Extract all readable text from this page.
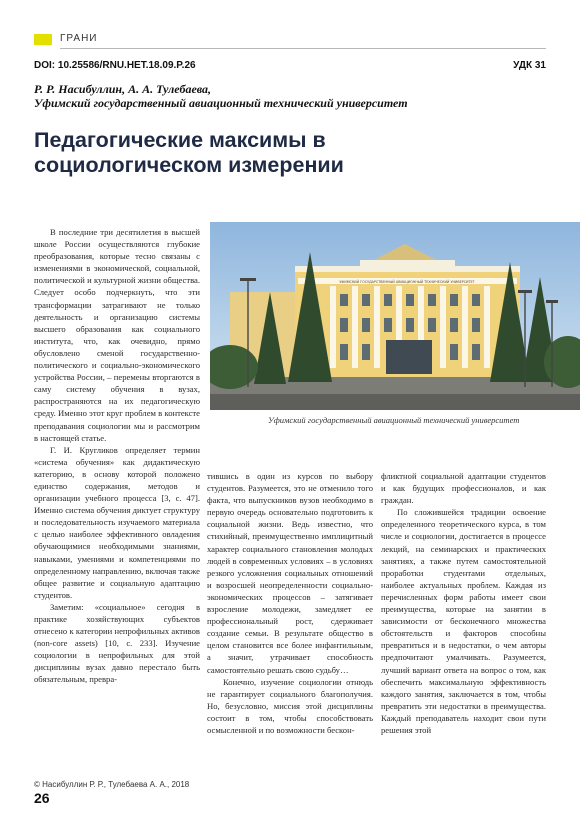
ГРАНИ
DOI: 10.25586/RNU.HET.18.09.P.26	УДК 31
Р. Р. Насибуллин, А. А. Тулебаева,
Уфимский государственный авиационный технический университет
Педагогические максимы в социологическом измерении

В последние три десятилетия в высшей школе России осуществляются глубокие преобразования, которые тесно связаны с изменениями в экономической, социальной, политической и культурной жизни общества. Следует особо подчеркнуть, что эти трансформации затрагивают не только деятельность и организацию системы высшего образования как социального института, что, как очевидно, прямо обусловлено сменой государственно-политического и социально-экономического устройства России, – перемены вторгаются в саму систему обучения в вузах, распространяются на их педагогическую среду. Именно этот круг проблем в контексте преподавания социологии мы и рассмотрим в настоящей статье.

Г. И. Кругликов определяет термин «система обучения» как дидактическую категорию, в основу которой положено единство содержания, методов и организации учебного процесса [3, с. 47]. Именно система обучения диктует структуру и последовательность изучаемого материала с целью наиболее эффективного овладения обучающимися необходимыми знаниями, навыками, умениями и компетенциями по определенному направлению, включая также общее развитие и социальную адаптацию студентов.

Заметим: «социальное» сегодня в практике хозяйствующих субъектов отнесено к категории непрофильных активов (non-core assets) [10, с. 233]. Изучение социологии в непрофильных для этой дисциплины вузах давно перестало быть обязательным, превра-

УФИМСКИЙ ГОСУДАРСТВЕННЫЙ АВИАЦИОННЫЙ ТЕХНИЧЕСКИЙ УНИВЕРСИТЕТ
Уфимский государственный авиационный технический университет

тившись в один из курсов по выбору студентов. Разумеется, это не отменило того факта, что выпускников вузов необходимо в первую очередь основательно подготовить к социальной жизни. Ведь известно, что стихийный, преимущественно имплицитный характер социального становления молодых людей в современных условиях – в условиях резкого усложнения социальных отношений и возросшей неопределенности социально-экономических процессов – затягивает взросление молодежи, замедляет ее профессиональный рост, сдерживает создание семьи. В результате общество в целом становится все более инфантильным, а значит, утрачивает способность самостоятельно решать свою судьбу…

Конечно, изучение социологии отнюдь не гарантирует социального благополучия. Но, безусловно, миссия этой дисциплины состоит в том, чтобы способствовать осмысленной и по возможности бескон-

фликтной социальной адаптации студентов и как будущих профессионалов, и как граждан.

По сложившейся традиции освоение определенного теоретического курса, в том числе и социологии, достигается в процессе лекций, на семинарских и практических занятиях, а также путем самостоятельной проработки студентами отдельных, наиболее актуальных проблем. Каждая из перечисленных форм работы имеет свои преимущества, которые на занятии в зависимости от бесконечного множества обстоятельств и факторов способны превратиться и в недостатки, о чем авторы предпочитают умалчивать. Разумеется, лучший вариант ответа на вопрос о том, как обеспечить максимальную эффективность каждого занятия, заключается в том, чтобы превратить эти недостатки в преимущества. Каждый преподаватель находит свои пути решения этой

© Насибуллин Р. Р., Тулебаева А. А., 2018
26
